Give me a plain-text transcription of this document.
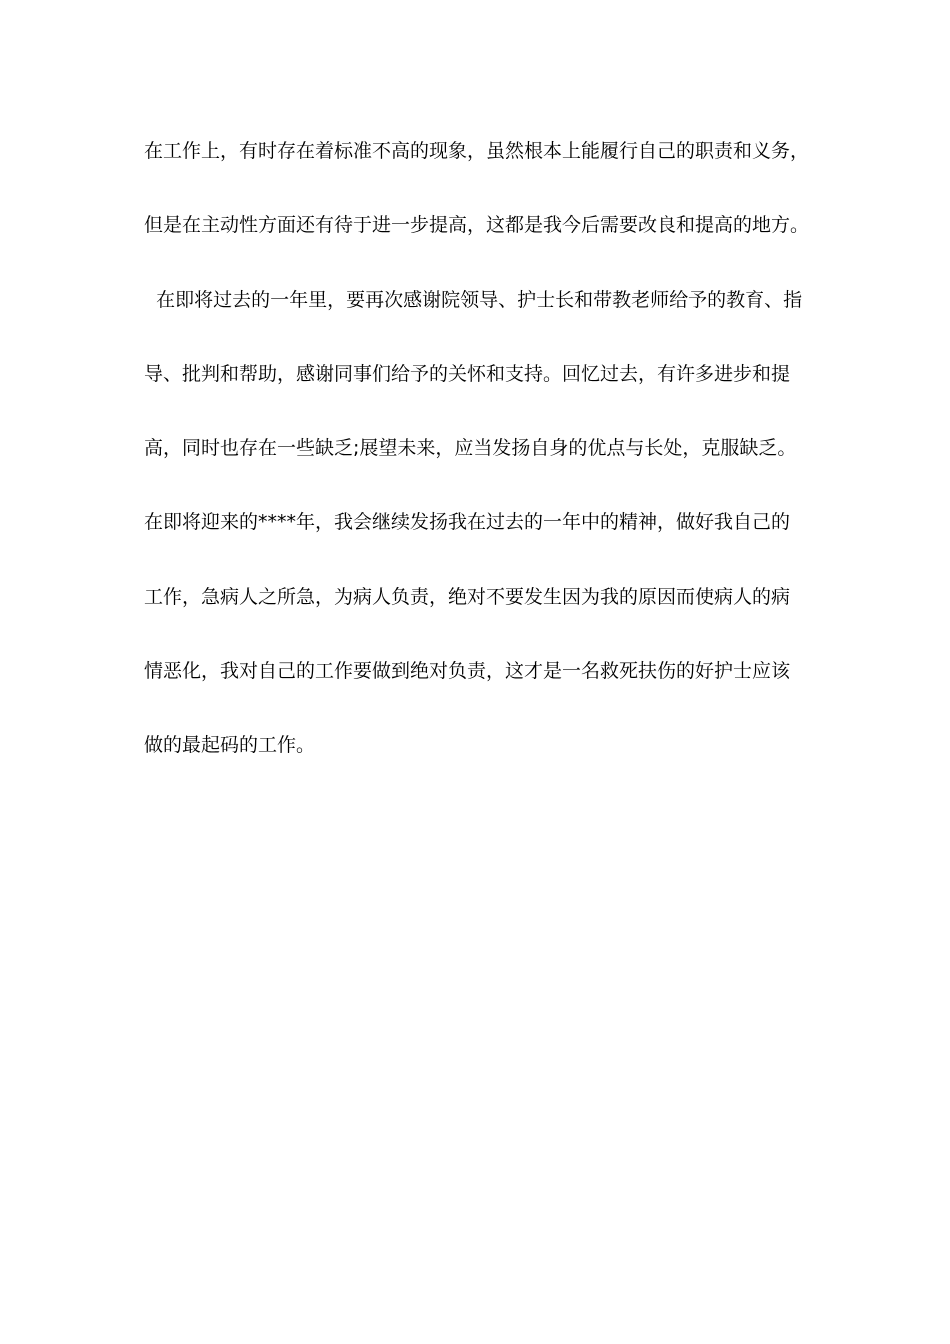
在工作上，有时存在着标准不高的现象，虽然根本上能履行自己的职责和义务，
但是在主动性方面还有待于进一步提高，这都是我今后需要改良和提高的地方。
在即将过去的一年里，要再次感谢院领导、护士长和带教老师给予的教育、指
导、批判和帮助，感谢同事们给予的关怀和支持。回忆过去，有许多进步和提
高，同时也存在一些缺乏;展望未来，应当发扬自身的优点与长处，克服缺乏。
在即将迎来的****年，我会继续发扬我在过去的一年中的精神，做好我自己的
工作，急病人之所急，为病人负责，绝对不要发生因为我的原因而使病人的病
情恶化，我对自己的工作要做到绝对负责，这才是一名救死扶伤的好护士应该
做的最起码的工作。
